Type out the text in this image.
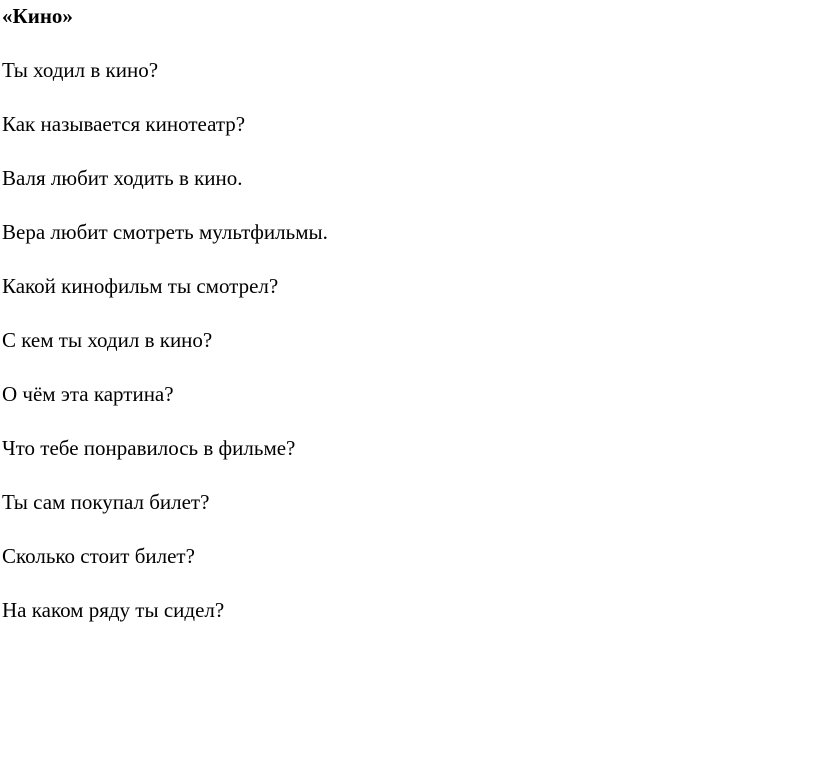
«Кино»
Ты ходил в кино?
Как называется кинотеатр?
Валя любит ходить в кино.
Вера любит смотреть мультфильмы.
Какой кинофильм ты смотрел?
С кем ты ходил в кино?
О чём эта картина?
Что тебе понравилось в фильме?
Ты сам покупал билет?
Сколько стоит билет?
На каком ряду ты сидел?
